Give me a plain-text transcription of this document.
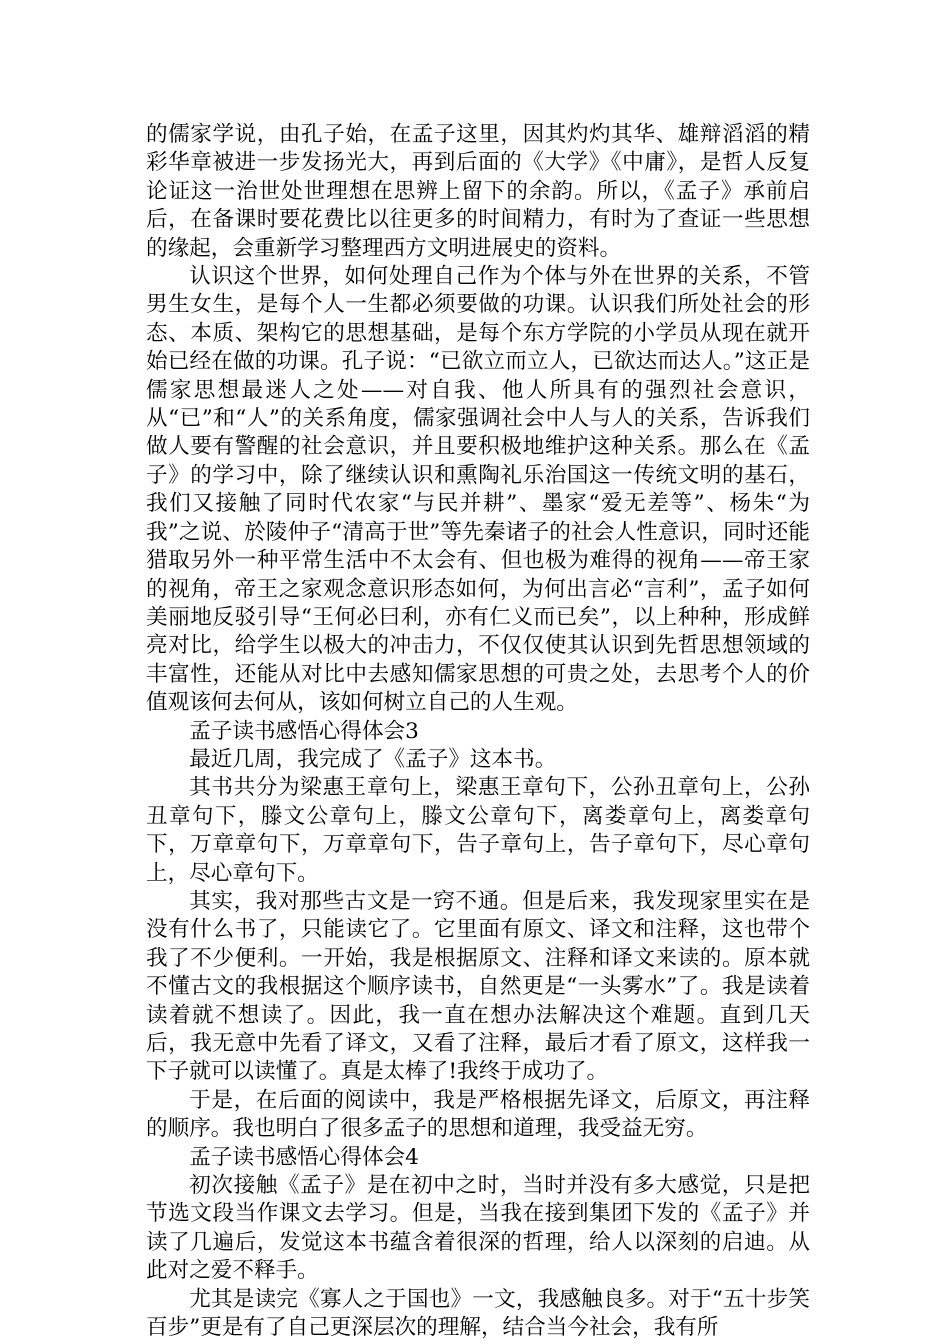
的儒家学说，由孔子始，在孟子这里，因其灼灼其华、雄辩滔滔的精彩华章被进一步发扬光大，再到后面的《大学》《中庸》，是哲人反复论证这一治世处世理想在思辨上留下的余韵。所以，《孟子》承前启后，在备课时要花费比以往更多的时间精力，有时为了查证一些思想的缘起，会重新学习整理西方文明进展史的资料。

认识这个世界，如何处理自己作为个体与外在世界的关系，不管男生女生，是每个人一生都必须要做的功课。认识我们所处社会的形态、本质、架构它的思想基础，是每个东方学院的小学员从现在就开始已经在做的功课。孔子说：“已欲立而立人，已欲达而达人。”这正是儒家思想最迷人之处——对自我、他人所具有的强烈社会意识，从“已”和“人”的关系角度，儒家强调社会中人与人的关系，告诉我们做人要有警醒的社会意识，并且要积极地维护这种关系。那么在《孟子》的学习中，除了继续认识和熏陶礼乐治国这一传统文明的基石，我们又接触了同时代农家“与民并耕”、墨家“爱无差等”、杨朱“为我”之说、於陵仲子“清高于世”等先秦诸子的社会人性意识，同时还能猎取另外一种平常生活中不太会有、但也极为难得的视角——帝王家的视角，帝王之家观念意识形态如何，为何出言必“言利”，孟子如何美丽地反驳引导“王何必曰利，亦有仁义而已矣”，以上种种，形成鲜亮对比，给学生以极大的冲击力，不仅仅使其认识到先哲思想领域的丰富性，还能从对比中去感知儒家思想的可贵之处，去思考个人的价值观该何去何从，该如何树立自己的人生观。

孟子读书感悟心得体会3

最近几周，我完成了《孟子》这本书。

其书共分为梁惠王章句上，梁惠王章句下，公孙丑章句上，公孙丑章句下，滕文公章句上，滕文公章句下，离娄章句上，离娄章句下，万章章句下，万章章句下，告子章句上，告子章句下，尽心章句上，尽心章句下。

其实，我对那些古文是一窍不通。但是后来，我发现家里实在是没有什么书了，只能读它了。它里面有原文、译文和注释，这也带个我了不少便利。一开始，我是根据原文、注释和译文来读的。原本就不懂古文的我根据这个顺序读书，自然更是“一头雾水”了。我是读着读着就不想读了。因此，我一直在想办法解决这个难题。直到几天后，我无意中先看了译文，又看了注释，最后才看了原文，这样我一下子就可以读懂了。真是太棒了!我终于成功了。

于是，在后面的阅读中，我是严格根据先译文，后原文，再注释的顺序。我也明白了很多孟子的思想和道理，我受益无穷。

孟子读书感悟心得体会4

初次接触《孟子》是在初中之时，当时并没有多大感觉，只是把节选文段当作课文去学习。但是，当我在接到集团下发的《孟子》并读了几遍后，发觉这本书蕴含着很深的哲理，给人以深刻的启迪。从此对之爱不释手。

尤其是读完《寡人之于国也》一文，我感触良多。对于“五十步笑百步”更是有了自己更深层次的理解，结合当今社会，我有所
